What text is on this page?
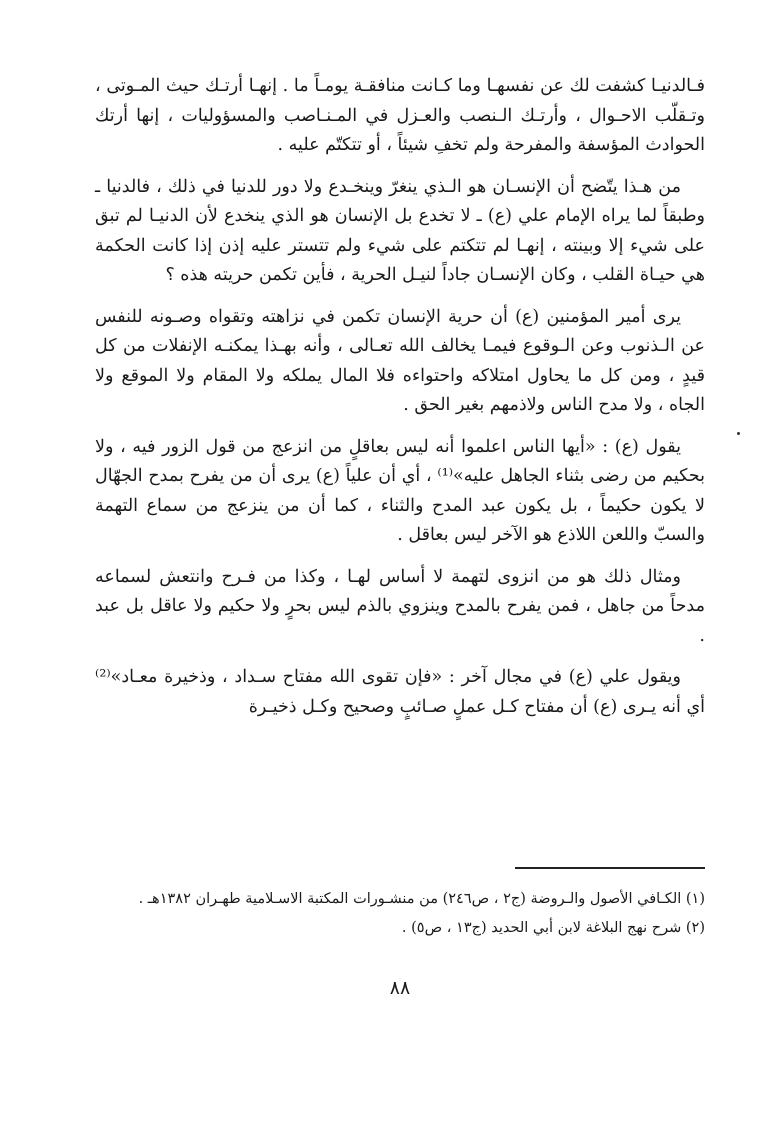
فـالدنيـا كشفت لك عن نفسهـا وما كـانت منافقـة يومـاً ما . إنهـا أرتـك حيث المـوتى ، وتـقلّب الاحـوال ، وأرتـك الـنصب والعـزل في المـنـاصب والمسؤوليات ، إنها أرتك الحوادث المؤسفة والمفرحة ولم تخفِ شيئاً ، أو تتكتّم عليه .

من هـذا يتّضح أن الإنسـان هو الـذي ينغرّ وينخـدع ولا دور للدنيا في ذلك ، فالدنيا ـ وطبقاً لما يراه الإمام علي (ع) ـ لا تخدع بل الإنسان هو الذي ينخدع لأن الدنيـا لم تبق على شيء إلا وبينته ، إنهـا لم تتكتم على شيء ولم تتستر عليه إذن إذا كانت الحكمة هي حيـاة القلب ، وكان الإنسـان جاداً لنيـل الحرية ، فأين تكمن حريته هذه ؟

يرى أمير المؤمنين (ع) أن حرية الإنسان تكمن في نزاهته وتقواه وصـونه للنفس عن الـذنوب وعن الـوقوع فيمـا يخالف الله تعـالى ، وأنه بهـذا يمكنـه الإنفلات من كل قيدٍ ، ومن كل ما يحاول امتلاكه واحتواءه فلا المال يملكه ولا المقام ولا الموقع ولا الجاه ، ولا مدح الناس ولاذمهم بغير الحق .

يقول (ع) : «أيها الناس اعلموا أنه ليس بعاقلٍ من انزعج من قول الزور فيه ، ولا بحكيم من رضى بثناء الجاهل عليه»⁽¹⁾ ، أي أن علياً (ع) يرى أن من يفرح بمدح الجهّال لا يكون حكيماً ، بل يكون عبد المدح والثناء ، كما أن من ينزعج من سماع التهمة والسبّ واللعن اللاذع هو الآخر ليس بعاقل .

ومثال ذلك هو من انزوى لتهمة لا أساس لهـا ، وكذا من فـرح وانتعش لسماعه مدحاً من جاهل ، فمن يفرح بالمدح وينزوي بالذم ليس بحرٍ ولا حكيم ولا عاقل بل عبد .

ويقول علي (ع) في مجال آخر : «فإن تقوى الله مفتاح سـداد ، وذخيرة معـاد»⁽²⁾ أي أنه يـرى (ع) أن مفتاح كـل عملٍ صـائبٍ وصحيح وكـل ذخيـرة

(١) الكـافي الأصول والـروضة (ج٢ ، ص٢٤٦) من منشـورات المكتبة الاسـلامية طهـران ١٣٨٢هـ .

(٢) شرح نهج البلاغة لابن أبي الحديد (ج١٣ ، ص٥) .

٨٨
